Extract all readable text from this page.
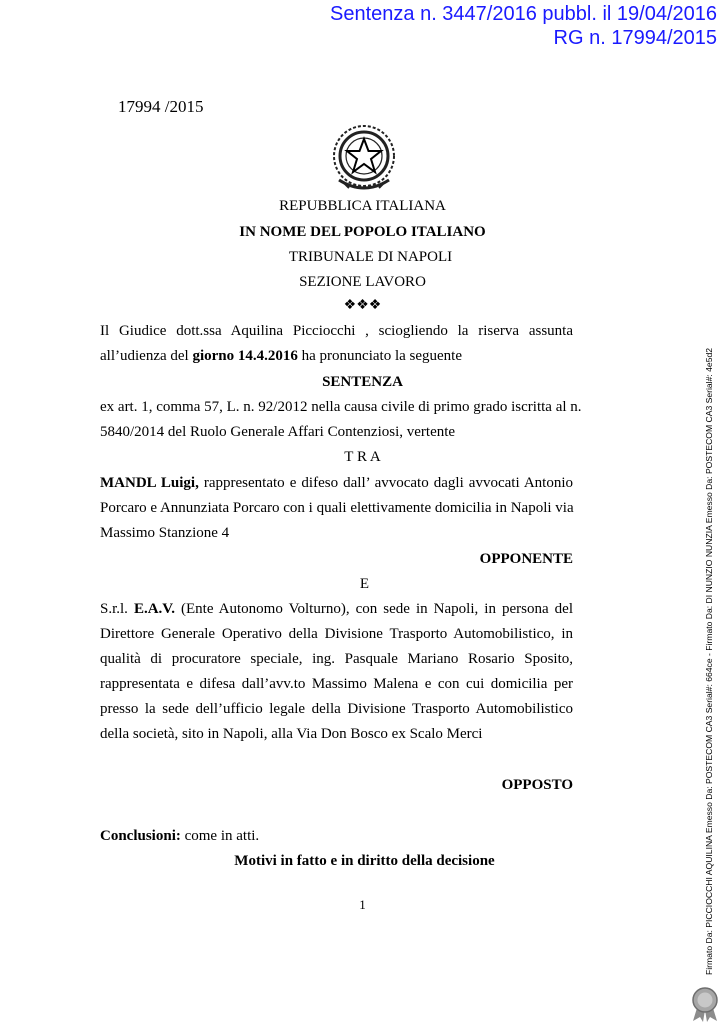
Sentenza n. 3447/2016 pubbl. il 19/04/2016
RG n. 17994/2015
17994 /2015
REPUBBLICA ITALIANA
IN NOME DEL POPOLO ITALIANO
TRIBUNALE DI NAPOLI
SEZIONE LAVORO
❖❖❖
Il Giudice dott.ssa Aquilina Picciocchi , sciogliendo la riserva assunta
all’udienza del giorno 14.4.2016 ha pronunciato la seguente
SENTENZA
ex art. 1, comma 57, L. n. 92/2012 nella causa civile di primo grado iscritta al n.
5840/2014 del Ruolo Generale Affari Contenziosi, vertente
T R A
MANDL Luigi, rappresentato e difeso dall’ avvocato dagli avvocati Antonio
Porcaro e Annunziata Porcaro con i quali elettivamente domicilia in Napoli via
Massimo Stanzione 4
OPPONENTE
E
S.r.l. E.A.V. (Ente Autonomo Volturno), con sede in Napoli, in persona del
Direttore Generale Operativo della Divisione Trasporto Automobilistico, in
qualità di procuratore speciale, ing. Pasquale Mariano Rosario Sposito,
rappresentata e difesa dall’avv.to Massimo Malena e con cui domicilia per
presso la sede dell’ufficio legale della Divisione Trasporto Automobilistico
della società, sito in Napoli, alla Via Don Bosco ex Scalo Merci
OPPOSTO
Conclusioni: come in atti.
Motivi in fatto e in diritto della decisione
1	Firmato Da: PICCIOCCHI AQUILINA Emesso Da: POSTECOM CA3 Serial#: 664ce - Firmato Da: DI NUNZIO NUNZIA Emesso Da: POSTECOM CA3 Serial#: 4e5d2
